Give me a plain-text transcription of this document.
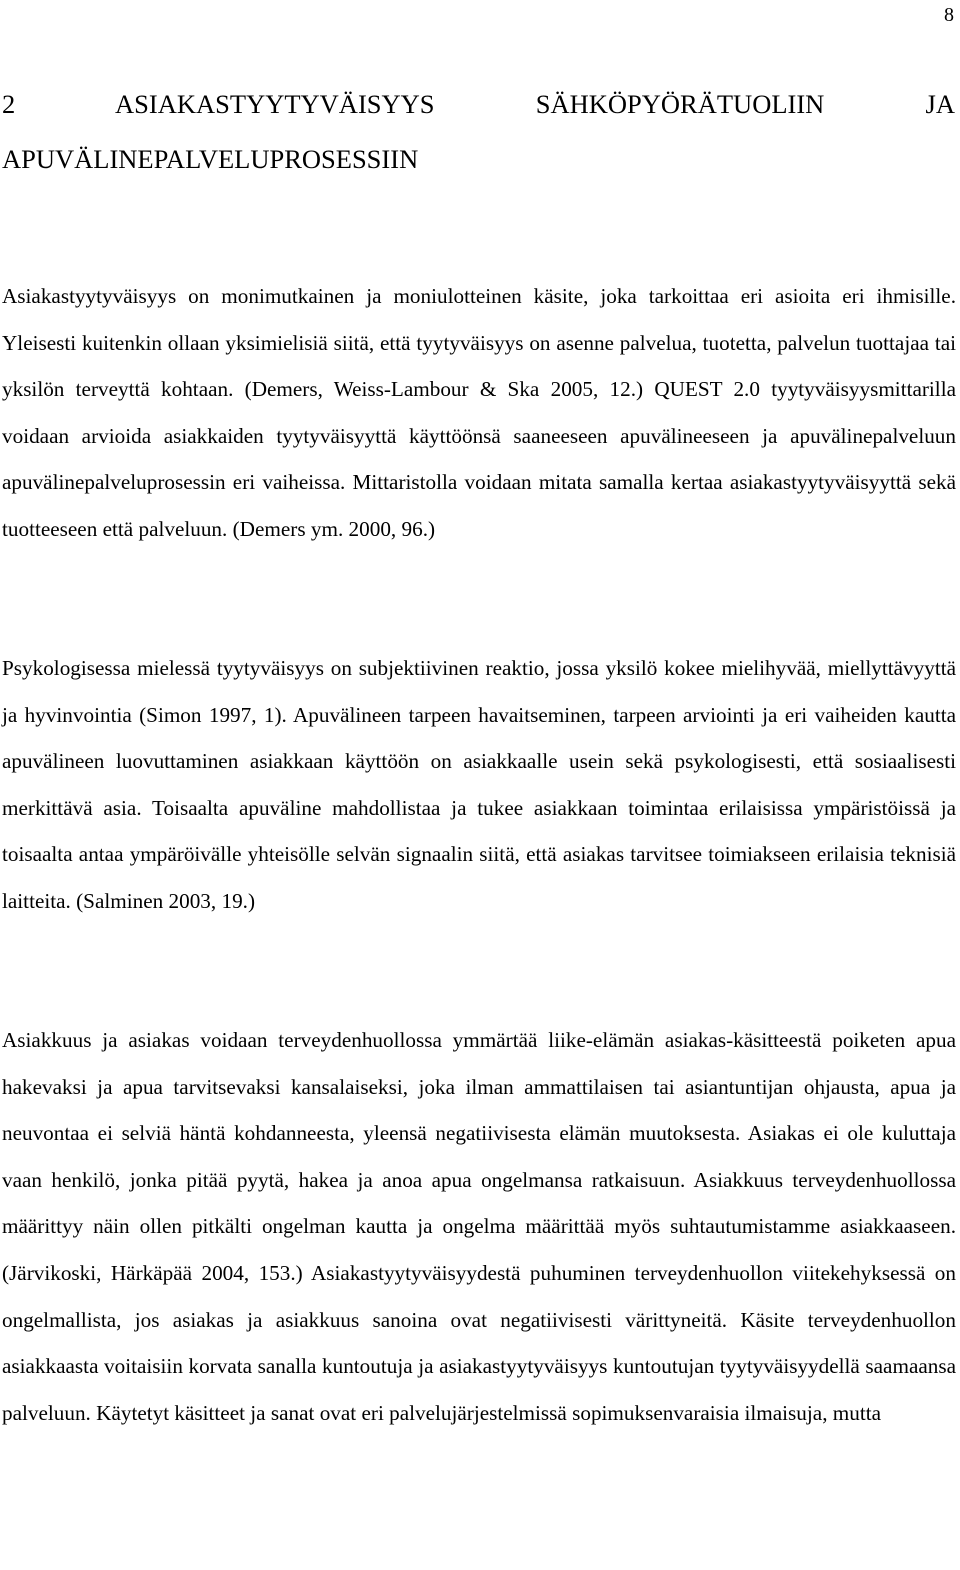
8
2 ASIAKASTYYTYVÄISYYS SÄHKÖPYÖRÄTUOLIIN JA APUVÄLINEPALVELUPROSESSIIN

Asiakastyytyväisyys on monimutkainen ja moniulotteinen käsite, joka tarkoittaa eri asioita eri ihmisille. Yleisesti kuitenkin ollaan yksimielisiä siitä, että tyytyväisyys on asenne palvelua, tuotetta, palvelun tuottajaa tai yksilön terveyttä kohtaan. (Demers, Weiss-Lambour & Ska 2005, 12.) QUEST 2.0 tyytyväisyysmittarilla voidaan arvioida asiakkaiden tyytyväisyyttä käyttöönsä saaneeseen apuvälineeseen ja apuvälinepalveluun apuvälinepalveluprosessin eri vaiheissa. Mittaristolla voidaan mitata samalla kertaa asiakastyytyväisyyttä sekä tuotteeseen että palveluun. (Demers ym. 2000, 96.)

Psykologisessa mielessä tyytyväisyys on subjektiivinen reaktio, jossa yksilö kokee mielihyvää, miellyttävyyttä ja hyvinvointia (Simon 1997, 1). Apuvälineen tarpeen havaitseminen, tarpeen arviointi ja eri vaiheiden kautta apuvälineen luovuttaminen asiakkaan käyttöön on asiakkaalle usein sekä psykologisesti, että sosiaalisesti merkittävä asia. Toisaalta apuväline mahdollistaa ja tukee asiakkaan toimintaa erilaisissa ympäristöissä ja toisaalta antaa ympäröivälle yhteisölle selvän signaalin siitä, että asiakas tarvitsee toimiakseen erilaisia teknisiä laitteita. (Salminen 2003, 19.)

Asiakkuus ja asiakas voidaan terveydenhuollossa ymmärtää liike-elämän asiakas-käsitteestä poiketen apua hakevaksi ja apua tarvitsevaksi kansalaiseksi, joka ilman ammattilaisen tai asiantuntijan ohjausta, apua ja neuvontaa ei selviä häntä kohdanneesta, yleensä negatiivisesta elämän muutoksesta. Asiakas ei ole kuluttaja vaan henkilö, jonka pitää pyytä, hakea ja anoa apua ongelmansa ratkaisuun. Asiakkuus terveydenhuollossa määrittyy näin ollen pitkälti ongelman kautta ja ongelma määrittää myös suhtautumistamme asiakkaaseen. (Järvikoski, Härkäpää 2004, 153.) Asiakastyytyväisyydestä puhuminen terveydenhuollon viitekehyksessä on ongelmallista, jos asiakas ja asiakkuus sanoina ovat negatiivisesti värittyneitä. Käsite terveydenhuollon asiakkaasta voitaisiin korvata sanalla kuntoutuja ja asiakastyytyväisyys kuntoutujan tyytyväisyydellä saamaansa palveluun. Käytetyt käsitteet ja sanat ovat eri palvelujärjestelmissä sopimuksenvaraisia ilmaisuja, mutta
